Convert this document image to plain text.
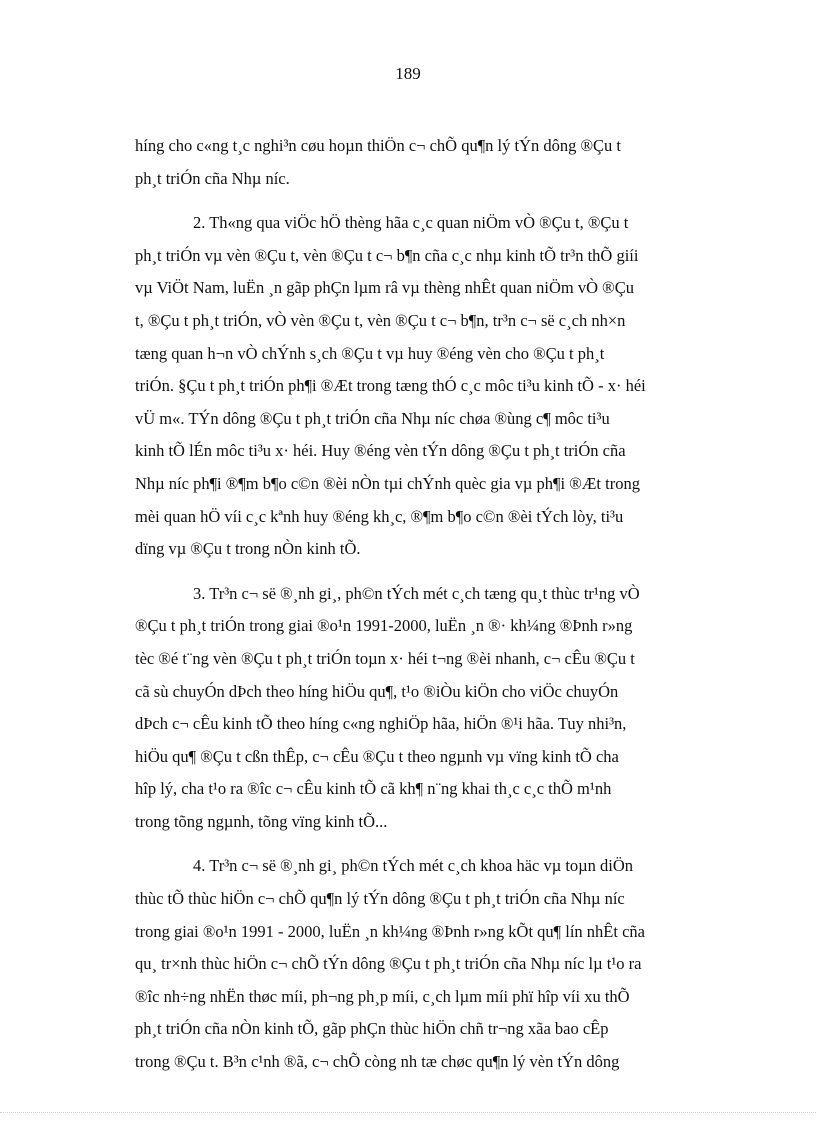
189

híng cho c«ng t¸c nghi³n cøu hoµn thiÖn c¬ chÕ qu¶n lý tÝn dông ®Çu t
ph¸t triÓn cña Nhµ níc.

2. Th«ng qua viÖc hÖ thèng hãa c¸c quan niÖm vÒ ®Çu t, ®Çu t
ph¸t triÓn vµ vèn ®Çu t, vèn ®Çu t c¬ b¶n cña c¸c nhµ kinh tÕ tr³n thÕ giíi
vµ ViÖt Nam, luËn ¸n gãp phÇn lµm râ vµ thèng nhÊt quan niÖm vÒ ®Çu
t, ®Çu t ph¸t triÓn, vÒ vèn ®Çu t, vèn ®Çu t c¬ b¶n, tr³n c¬ së c¸ch nh×n
tæng quan h¬n vÒ chÝnh s¸ch ®Çu t vµ huy ®éng vèn cho ®Çu t ph¸t
triÓn. §Çu t ph¸t triÓn ph¶i ®Æt trong tæng thÓ c¸c môc ti³u kinh tÕ - x· héi
vÜ m«. TÝn dông ®Çu t ph¸t triÓn cña Nhµ níc chøa ®ùng c¶ môc ti³u
kinh tÕ lÉn môc ti³u x· héi. Huy ®éng vèn tÝn dông ®Çu t ph¸t triÓn cña
Nhµ níc ph¶i ®¶m b¶o c©n ®èi nÒn tµi chÝnh quèc gia vµ ph¶i ®Æt trong
mèi quan hÖ víi c¸c kªnh huy ®éng kh¸c, ®¶m b¶o c©n ®èi tÝch lòy, ti³u
dïng vµ ®Çu t trong nÒn kinh tÕ.

3. Tr³n c¬ së ®¸nh gi¸, ph©n tÝch mét c¸ch tæng qu¸t thùc tr¹ng vÒ
®Çu t ph¸t triÓn trong giai ®o¹n 1991-2000, luËn ¸n ®· kh¼ng ®Þnh r»ng
tèc ®é t¨ng vèn ®Çu t ph¸t triÓn toµn x· héi t¬ng ®èi nhanh, c¬ cÊu ®Çu t
cã sù chuyÓn dÞch theo híng hiÖu qu¶, t¹o ®iÒu kiÖn cho viÖc chuyÓn
dÞch c¬ cÊu kinh tÕ theo híng c«ng nghiÖp hãa, hiÖn ®¹i hãa. Tuy nhi³n,
hiÖu qu¶ ®Çu t cßn thÊp, c¬ cÊu ®Çu t theo ngµnh vµ vïng kinh tÕ cha
hîp lý, cha t¹o ra ®îc c¬ cÊu kinh tÕ cã kh¶ n¨ng khai th¸c c¸c thÕ m¹nh
trong tõng ngµnh, tõng vïng kinh tÕ...

4. Tr³n c¬ së ®¸nh gi¸ ph©n tÝch mét c¸ch khoa häc vµ toµn diÖn
thùc tÕ thùc hiÖn c¬ chÕ qu¶n lý tÝn dông ®Çu t ph¸t triÓn cña Nhµ níc
trong giai ®o¹n 1991 - 2000, luËn ¸n kh¼ng ®Þnh r»ng kÕt qu¶ lín nhÊt cña
qu¸ tr×nh thùc hiÖn c¬ chÕ tÝn dông ®Çu t ph¸t triÓn cña Nhµ níc lµ t¹o ra
®îc nh÷ng nhËn thøc míi, ph¬ng ph¸p míi, c¸ch lµm míi phï hîp víi xu thÕ
ph¸t triÓn cña nÒn kinh tÕ, gãp phÇn thùc hiÖn chñ tr¬ng xãa bao cÊp
trong ®Çu t. B³n c¹nh ®ã, c¬ chÕ còng nh tæ chøc qu¶n lý vèn tÝn dông
